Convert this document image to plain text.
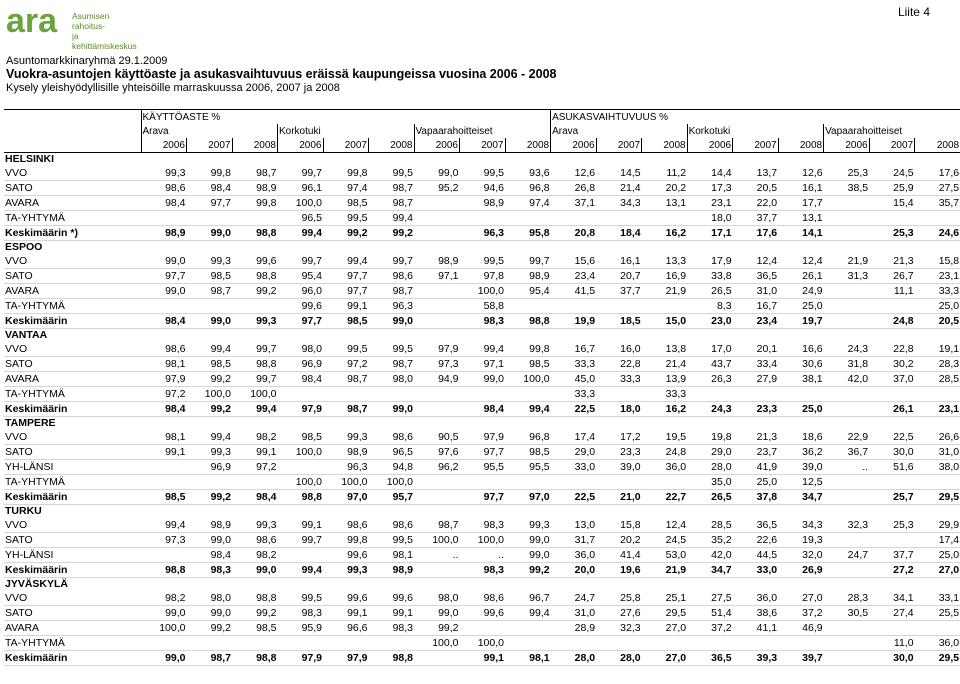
ara Asumisen rahoitus-
ja kehittämiskeskus
Liite 4
Asuntomarkkinaryhmä 29.1.2009
Vuokra-asuntojen käyttöaste ja asukasvaihtuvuus eräissä kaupungeissa vuosina 2006 - 2008
Kysely yleishyödyllisille yhteisöille marraskuussa 2006, 2007 ja 2008
	KÄYTTÖASTE %									ASUKASVAIHTUVUUS %								
	Arava			Korkotuki			Vapaarahoitteiset			Arava			Korkotuki			Vapaarahoitteiset		
	2006	2007	2008	2006	2007	2008	2006	2007	2008	2006	2007	2008	2006	2007	2008	2006	2007	2008
HELSINKI																		
VVO	99,3	99,8	98,7	99,7	99,8	99,5	99,0	99,5	93,6	12,6	14,5	11,2	14,4	13,7	12,6	25,3	24,5	17,6
SATO	98,6	98,4	98,9	96,1	97,4	98,7	95,2	94,6	96,8	26,8	21,4	20,2	17,3	20,5	16,1	38,5	25,9	27,5
AVARA	98,4	97,7	99,8	100,0	98,5	98,7		98,9	97,4	37,1	34,3	13,1	23,1	22,0	17,7		15,4	35,7
TA-YHTYMÄ				96,5	99,5	99,4							18,0	37,7	13,1			
Keskimäärin *)	98,9	99,0	98,8	99,4	99,2	99,2		96,3	95,8	20,8	18,4	16,2	17,1	17,6	14,1		25,3	24,6
ESPOO																		
VVO	99,0	99,3	99,6	99,7	99,4	99,7	98,9	99,5	99,7	15,6	16,1	13,3	17,9	12,4	12,4	21,9	21,3	15,8
SATO	97,7	98,5	98,8	95,4	97,7	98,6	97,1	97,8	98,9	23,4	20,7	16,9	33,8	36,5	26,1	31,3	26,7	23,1
AVARA	99,0	98,7	99,2	96,0	97,7	98,7		100,0	95,4	41,5	37,7	21,9	26,5	31,0	24,9		11,1	33,3
TA-YHTYMÄ				99,6	99,1	96,3		58,8					8,3	16,7	25,0			25,0
Keskimäärin	98,4	99,0	99,3	97,7	98,5	99,0		98,3	98,8	19,9	18,5	15,0	23,0	23,4	19,7		24,8	20,5
VANTAA																		
VVO	98,6	99,4	99,7	98,0	99,5	99,5	97,9	99,4	99,8	16,7	16,0	13,8	17,0	20,1	16,6	24,3	22,8	19,1
SATO	98,1	98,5	98,8	96,9	97,2	98,7	97,3	97,1	98,5	33,3	22,8	21,4	43,7	33,4	30,6	31,8	30,2	28,3
AVARA	97,9	99,2	99,7	98,4	98,7	98,0	94,9	99,0	100,0	45,0	33,3	13,9	26,3	27,9	38,1	42,0	37,0	28,5
TA-YHTYMÄ	97,2	100,0	100,0							33,3		33,3						
Keskimäärin	98,4	99,2	99,4	97,9	98,7	99,0		98,4	99,4	22,5	18,0	16,2	24,3	23,3	25,0		26,1	23,1
TAMPERE																		
VVO	98,1	99,4	98,2	98,5	99,3	98,6	90,5	97,9	96,8	17,4	17,2	19,5	19,8	21,3	18,6	22,9	22,5	26,6
SATO	99,1	99,3	99,1	100,0	98,9	96,5	97,6	97,7	98,5	29,0	23,3	24,8	29,0	23,7	36,2	36,7	30,0	31,0
YH-LÄNSI		96,9	97,2		96,3	94,8	96,2	95,5	95,5	33,0	39,0	36,0	28,0	41,9	39,0	..	51,6	38,0
TA-YHTYMÄ				100,0	100,0	100,0							35,0	25,0	12,5			
Keskimäärin	98,5	99,2	98,4	98,8	97,0	95,7		97,7	97,0	22,5	21,0	22,7	26,5	37,8	34,7		25,7	29,5
TURKU																		
VVO	99,4	98,9	99,3	99,1	98,6	98,6	98,7	98,3	99,3	13,0	15,8	12,4	28,5	36,5	34,3	32,3	25,3	29,9
SATO	97,3	99,0	98,6	99,7	99,8	99,5	100,0	100,0	99,0	31,7	20,2	24,5	35,2	22,6	19,3			17,4
YH-LÄNSI		98,4	98,2		99,6	98,1	..	..	99,0	36,0	41,4	53,0	42,0	44,5	32,0	24,7	37,7	25,0
Keskimäärin	98,8	98,3	99,0	99,4	99,3	98,9		98,3	99,2	20,0	19,6	21,9	34,7	33,0	26,9		27,2	27,0
JYVÄSKYLÄ																		
VVO	98,2	98,0	98,8	99,5	99,6	99,6	98,0	98,6	96,7	24,7	25,8	25,1	27,5	36,0	27,0	28,3	34,1	33,1
SATO	99,0	99,0	99,2	98,3	99,1	99,1	99,0	99,6	99,4	31,0	27,6	29,5	51,4	38,6	37,2	30,5	27,4	25,5
AVARA	100,0	99,2	98,5	95,9	96,6	98,3	99,2			28,9	32,3	27,0	37,2	41,1	46,9			
TA-YHTYMÄ							100,0	100,0									11,0	36,0
Keskimäärin	99,0	98,7	98,8	97,9	97,9	98,8		99,1	98,1	28,0	28,0	27,0	36,5	39,3	39,7		30,0	29,5
